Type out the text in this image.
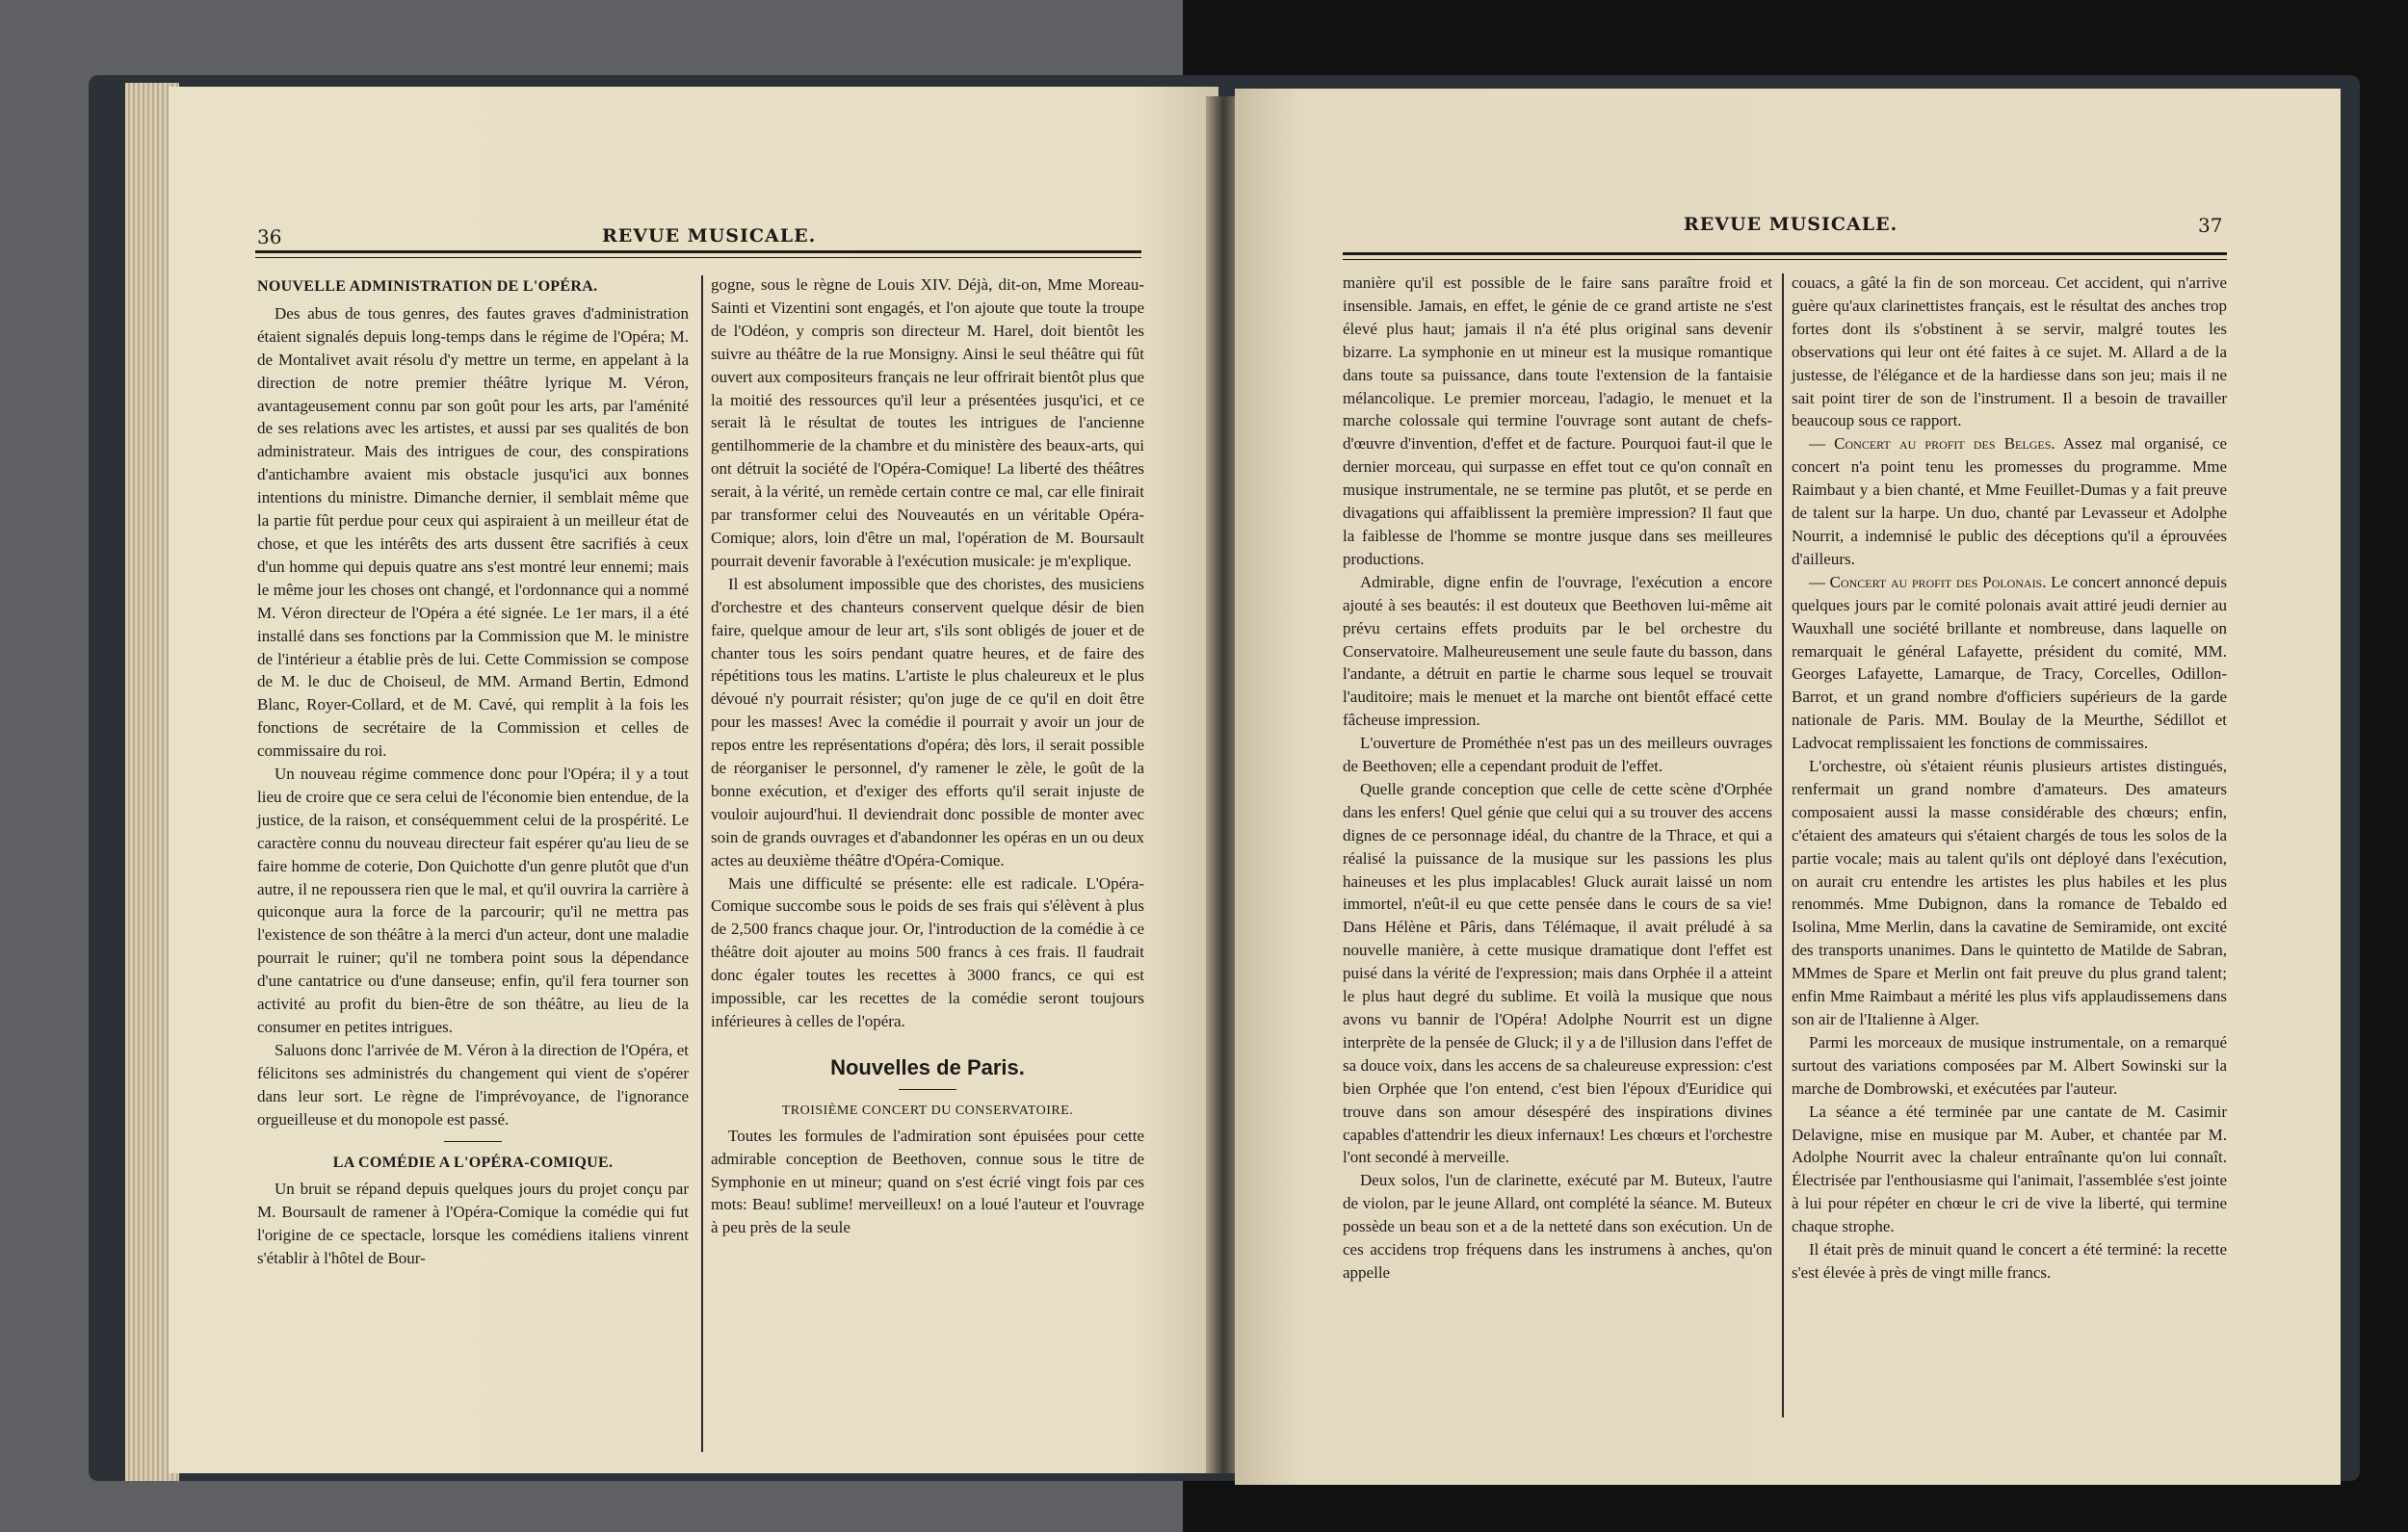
36	REVUE MUSICALE.
NOUVELLE ADMINISTRATION DE L'OPÉRA.

Des abus de tous genres, des fautes graves d'administration étaient signalés depuis long-temps dans le régime de l'Opéra; M. de Montalivet avait résolu d'y mettre un terme, en appelant à la direction de notre premier théâtre lyrique M. Véron, avantageusement connu par son goût pour les arts, par l'aménité de ses relations avec les artistes, et aussi par ses qualités de bon administrateur. Mais des intrigues de cour, des conspirations d'antichambre avaient mis obstacle jusqu'ici aux bonnes intentions du ministre. Dimanche dernier, il semblait même que la partie fût perdue pour ceux qui aspiraient à un meilleur état de chose, et que les intérêts des arts dussent être sacrifiés à ceux d'un homme qui depuis quatre ans s'est montré leur ennemi; mais le même jour les choses ont changé, et l'ordonnance qui a nommé M. Véron directeur de l'Opéra a été signée. Le 1er mars, il a été installé dans ses fonctions par la Commission que M. le ministre de l'intérieur a établie près de lui. Cette Commission se compose de M. le duc de Choiseul, de MM. Armand Bertin, Edmond Blanc, Royer-Collard, et de M. Cavé, qui remplit à la fois les fonctions de secrétaire de la Commission et celles de commissaire du roi.

Un nouveau régime commence donc pour l'Opéra; il y a tout lieu de croire que ce sera celui de l'économie bien entendue, de la justice, de la raison, et conséquemment celui de la prospérité. Le caractère connu du nouveau directeur fait espérer qu'au lieu de se faire homme de coterie, Don Quichotte d'un genre plutôt que d'un autre, il ne repoussera rien que le mal, et qu'il ouvrira la carrière à quiconque aura la force de la parcourir; qu'il ne mettra pas l'existence de son théâtre à la merci d'un acteur, dont une maladie pourrait le ruiner; qu'il ne tombera point sous la dépendance d'une cantatrice ou d'une danseuse; enfin, qu'il fera tourner son activité au profit du bien-être de son théâtre, au lieu de la consumer en petites intrigues.

Saluons donc l'arrivée de M. Véron à la direction de l'Opéra, et félicitons ses administrés du changement qui vient de s'opérer dans leur sort. Le règne de l'imprévoyance, de l'ignorance orgueilleuse et du monopole est passé.

LA COMÉDIE A L'OPÉRA-COMIQUE.

Un bruit se répand depuis quelques jours du projet conçu par M. Boursault de ramener à l'Opéra-Comique la comédie qui fut l'origine de ce spectacle, lorsque les comédiens italiens vinrent s'établir à l'hôtel de Bour-

gogne, sous le règne de Louis XIV. Déjà, dit-on, Mme Moreau-Sainti et Vizentini sont engagés, et l'on ajoute que toute la troupe de l'Odéon, y compris son directeur M. Harel, doit bientôt les suivre au théâtre de la rue Monsigny. Ainsi le seul théâtre qui fût ouvert aux compositeurs français ne leur offrirait bientôt plus que la moitié des ressources qu'il leur a présentées jusqu'ici, et ce serait là le résultat de toutes les intrigues de l'ancienne gentilhommerie de la chambre et du ministère des beaux-arts, qui ont détruit la société de l'Opéra-Comique! La liberté des théâtres serait, à la vérité, un remède certain contre ce mal, car elle finirait par transformer celui des Nouveautés en un véritable Opéra-Comique; alors, loin d'être un mal, l'opération de M. Boursault pourrait devenir favorable à l'exécution musicale: je m'explique.

Il est absolument impossible que des choristes, des musiciens d'orchestre et des chanteurs conservent quelque désir de bien faire, quelque amour de leur art, s'ils sont obligés de jouer et de chanter tous les soirs pendant quatre heures, et de faire des répétitions tous les matins. L'artiste le plus chaleureux et le plus dévoué n'y pourrait résister; qu'on juge de ce qu'il en doit être pour les masses! Avec la comédie il pourrait y avoir un jour de repos entre les représentations d'opéra; dès lors, il serait possible de réorganiser le personnel, d'y ramener le zèle, le goût de la bonne exécution, et d'exiger des efforts qu'il serait injuste de vouloir aujourd'hui. Il deviendrait donc possible de monter avec soin de grands ouvrages et d'abandonner les opéras en un ou deux actes au deuxième théâtre d'Opéra-Comique.

Mais une difficulté se présente: elle est radicale. L'Opéra-Comique succombe sous le poids de ses frais qui s'élèvent à plus de 2,500 francs chaque jour. Or, l'introduction de la comédie à ce théâtre doit ajouter au moins 500 francs à ces frais. Il faudrait donc égaler toutes les recettes à 3000 francs, ce qui est impossible, car les recettes de la comédie seront toujours inférieures à celles de l'opéra.

Nouvelles de Paris.
TROISIÈME CONCERT DU CONSERVATOIRE.

Toutes les formules de l'admiration sont épuisées pour cette admirable conception de Beethoven, connue sous le titre de Symphonie en ut mineur; quand on s'est écrié vingt fois par ces mots: Beau! sublime! merveilleux! on a loué l'auteur et l'ouvrage à peu près de la seule

REVUE MUSICALE.	37

manière qu'il est possible de le faire sans paraître froid et insensible. Jamais, en effet, le génie de ce grand artiste ne s'est élevé plus haut; jamais il n'a été plus original sans devenir bizarre. La symphonie en ut mineur est la musique romantique dans toute sa puissance, dans toute l'extension de la fantaisie mélancolique. Le premier morceau, l'adagio, le menuet et la marche colossale qui termine l'ouvrage sont autant de chefs-d'œuvre d'invention, d'effet et de facture. Pourquoi faut-il que le dernier morceau, qui surpasse en effet tout ce qu'on connaît en musique instrumentale, ne se termine pas plutôt, et se perde en divagations qui affaiblissent la première impression? Il faut que la faiblesse de l'homme se montre jusque dans ses meilleures productions.

Admirable, digne enfin de l'ouvrage, l'exécution a encore ajouté à ses beautés: il est douteux que Beethoven lui-même ait prévu certains effets produits par le bel orchestre du Conservatoire. Malheureusement une seule faute du basson, dans l'andante, a détruit en partie le charme sous lequel se trouvait l'auditoire; mais le menuet et la marche ont bientôt effacé cette fâcheuse impression.

L'ouverture de Prométhée n'est pas un des meilleurs ouvrages de Beethoven; elle a cependant produit de l'effet.

Quelle grande conception que celle de cette scène d'Orphée dans les enfers! Quel génie que celui qui a su trouver des accens dignes de ce personnage idéal, du chantre de la Thrace, et qui a réalisé la puissance de la musique sur les passions les plus haineuses et les plus implacables! Gluck aurait laissé un nom immortel, n'eût-il eu que cette pensée dans le cours de sa vie! Dans Hélène et Pâris, dans Télémaque, il avait préludé à sa nouvelle manière, à cette musique dramatique dont l'effet est puisé dans la vérité de l'expression; mais dans Orphée il a atteint le plus haut degré du sublime. Et voilà la musique que nous avons vu bannir de l'Opéra! Adolphe Nourrit est un digne interprète de la pensée de Gluck; il y a de l'illusion dans l'effet de sa douce voix, dans les accens de sa chaleureuse expression: c'est bien Orphée que l'on entend, c'est bien l'époux d'Euridice qui trouve dans son amour désespéré des inspirations divines capables d'attendrir les dieux infernaux! Les chœurs et l'orchestre l'ont secondé à merveille.

Deux solos, l'un de clarinette, exécuté par M. Buteux, l'autre de violon, par le jeune Allard, ont complété la séance. M. Buteux possède un beau son et a de la netteté dans son exécution. Un de ces accidens trop fréquens dans les instrumens à anches, qu'on appelle

couacs, a gâté la fin de son morceau. Cet accident, qui n'arrive guère qu'aux clarinettistes français, est le résultat des anches trop fortes dont ils s'obstinent à se servir, malgré toutes les observations qui leur ont été faites à ce sujet. M. Allard a de la justesse, de l'élégance et de la hardiesse dans son jeu; mais il ne sait point tirer de son de l'instrument. Il a besoin de travailler beaucoup sous ce rapport.

— Concert au profit des Belges. Assez mal organisé, ce concert n'a point tenu les promesses du programme. Mme Raimbaut y a bien chanté, et Mme Feuillet-Dumas y a fait preuve de talent sur la harpe. Un duo, chanté par Levasseur et Adolphe Nourrit, a indemnisé le public des déceptions qu'il a éprouvées d'ailleurs.

— Concert au profit des Polonais. Le concert annoncé depuis quelques jours par le comité polonais avait attiré jeudi dernier au Wauxhall une société brillante et nombreuse, dans laquelle on remarquait le général Lafayette, président du comité, MM. Georges Lafayette, Lamarque, de Tracy, Corcelles, Odillon-Barrot, et un grand nombre d'officiers supérieurs de la garde nationale de Paris. MM. Boulay de la Meurthe, Sédillot et Ladvocat remplissaient les fonctions de commissaires.

L'orchestre, où s'étaient réunis plusieurs artistes distingués, renfermait un grand nombre d'amateurs. Des amateurs composaient aussi la masse considérable des chœurs; enfin, c'étaient des amateurs qui s'étaient chargés de tous les solos de la partie vocale; mais au talent qu'ils ont déployé dans l'exécution, on aurait cru entendre les artistes les plus habiles et les plus renommés. Mme Dubignon, dans la romance de Tebaldo ed Isolina, Mme Merlin, dans la cavatine de Semiramide, ont excité des transports unanimes. Dans le quintetto de Matilde de Sabran, MMmes de Spare et Merlin ont fait preuve du plus grand talent; enfin Mme Raimbaut a mérité les plus vifs applaudissemens dans son air de l'Italienne à Alger.

Parmi les morceaux de musique instrumentale, on a remarqué surtout des variations composées par M. Albert Sowinski sur la marche de Dombrowski, et exécutées par l'auteur.

La séance a été terminée par une cantate de M. Casimir Delavigne, mise en musique par M. Auber, et chantée par M. Adolphe Nourrit avec la chaleur entraînante qu'on lui connaît. Électrisée par l'enthousiasme qui l'animait, l'assemblée s'est jointe à lui pour répéter en chœur le cri de vive la liberté, qui termine chaque strophe.

Il était près de minuit quand le concert a été terminé: la recette s'est élevée à près de vingt mille francs.
